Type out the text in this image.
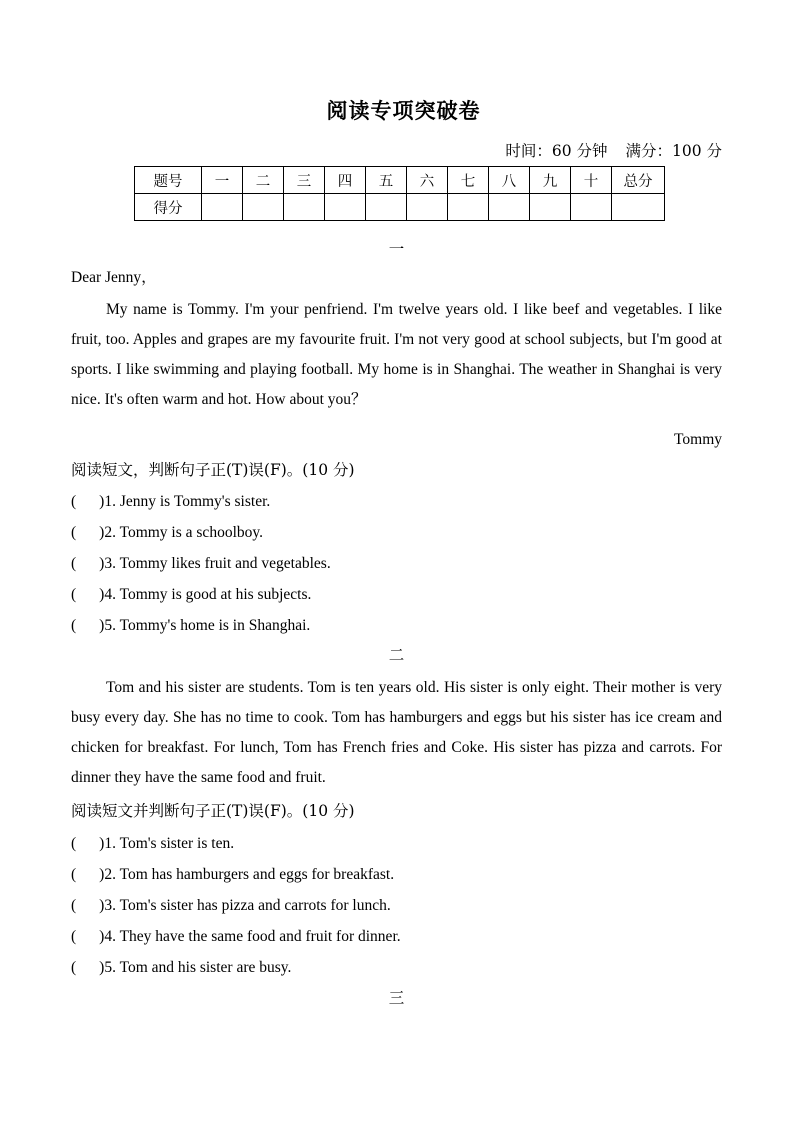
阅读专项突破卷
时间：60 分钟 满分：100 分
题号	一	二	三	四	五	六	七	八	九	十	总分
得分											
一
Dear Jenny，
My name is Tommy. I'm your penfriend. I'm twelve years old. I like beef and vegetables. I like fruit, too. Apples and grapes are my favourite fruit. I'm not very good at school subjects, but I'm good at sports. I like swimming and playing football. My home is in Shanghai. The weather in Shanghai is very nice. It's often warm and hot. How about you？
Tommy
阅读短文，判断句子正(T)误(F)。(10 分)
( )1. Jenny is Tommy's sister.
( )2. Tommy is a schoolboy.
( )3. Tommy likes fruit and vegetables.
( )4. Tommy is good at his subjects.
( )5. Tommy's home is in Shanghai.
二
Tom and his sister are students. Tom is ten years old. His sister is only eight. Their mother is very busy every day. She has no time to cook. Tom has hamburgers and eggs but his sister has ice cream and chicken for breakfast. For lunch, Tom has French fries and Coke. His sister has pizza and carrots. For dinner they have the same food and fruit.
阅读短文并判断句子正(T)误(F)。(10 分)
( )1. Tom's sister is ten.
( )2. Tom has hamburgers and eggs for breakfast.
( )3. Tom's sister has pizza and carrots for lunch.
( )4. They have the same food and fruit for dinner.
( )5. Tom and his sister are busy.
三
